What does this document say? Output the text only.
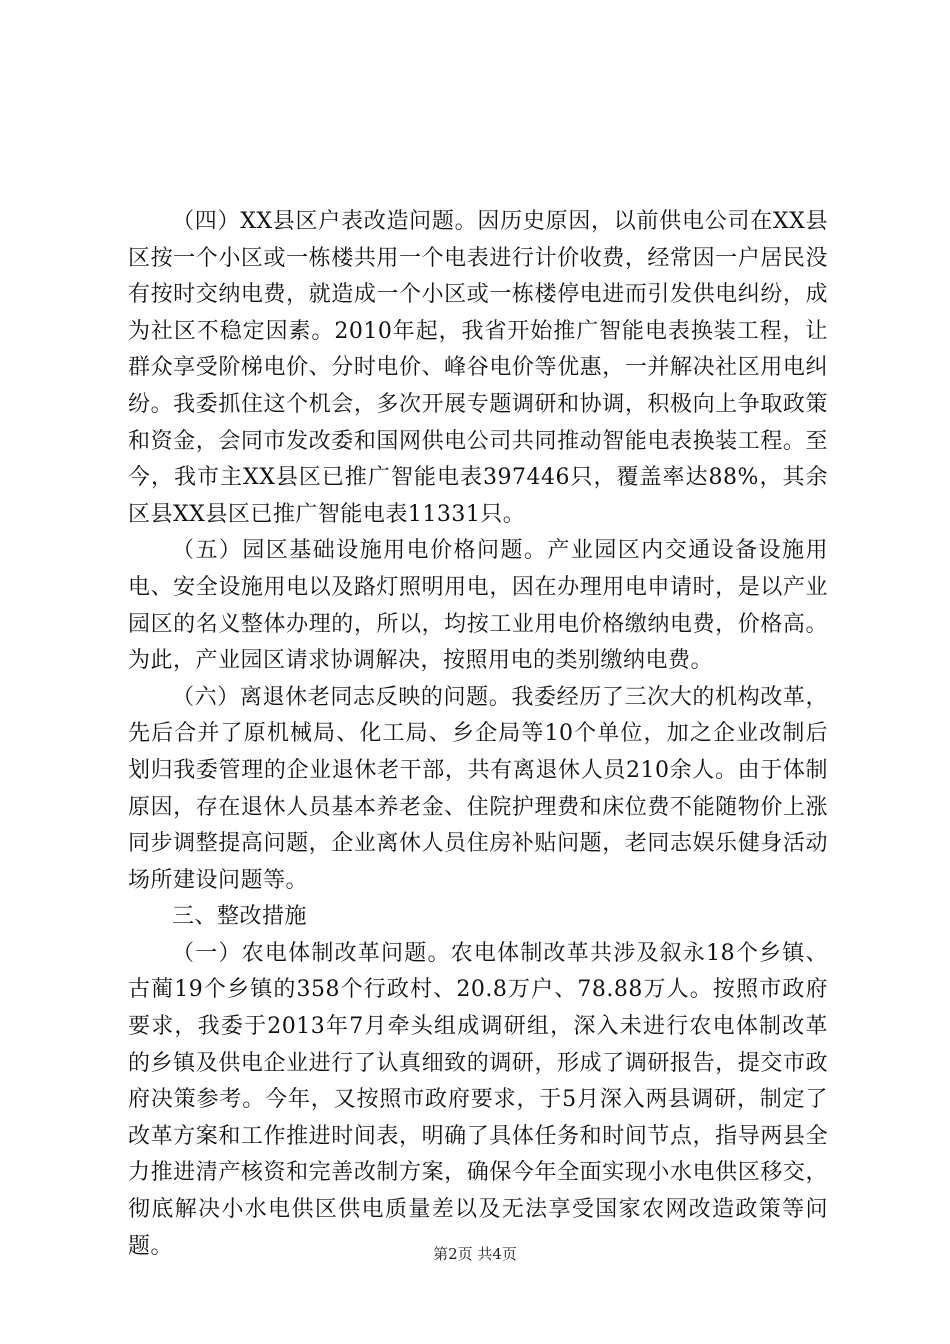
（四）XX县区户表改造问题。因历史原因，以前供电公司在XX县区按一个小区或一栋楼共用一个电表进行计价收费，经常因一户居民没有按时交纳电费，就造成一个小区或一栋楼停电进而引发供电纠纷，成为社区不稳定因素。2010年起，我省开始推广智能电表换装工程，让群众享受阶梯电价、分时电价、峰谷电价等优惠，一并解决社区用电纠纷。我委抓住这个机会，多次开展专题调研和协调，积极向上争取政策和资金，会同市发改委和国网供电公司共同推动智能电表换装工程。至今，我市主XX县区已推广智能电表397446只，覆盖率达88%，其余区县XX县区已推广智能电表11331只。

（五）园区基础设施用电价格问题。产业园区内交通设备设施用电、安全设施用电以及路灯照明用电，因在办理用电申请时，是以产业园区的名义整体办理的，所以，均按工业用电价格缴纳电费，价格高。为此，产业园区请求协调解决，按照用电的类别缴纳电费。

（六）离退休老同志反映的问题。我委经历了三次大的机构改革，先后合并了原机械局、化工局、乡企局等10个单位，加之企业改制后划归我委管理的企业退休老干部，共有离退休人员210余人。由于体制原因，存在退休人员基本养老金、住院护理费和床位费不能随物价上涨同步调整提高问题，企业离休人员住房补贴问题，老同志娱乐健身活动场所建设问题等。

三、整改措施

（一）农电体制改革问题。农电体制改革共涉及叙永18个乡镇、古蔺19个乡镇的358个行政村、20.8万户、78.88万人。按照市政府要求，我委于2013年7月牵头组成调研组，深入未进行农电体制改革的乡镇及供电企业进行了认真细致的调研，形成了调研报告，提交市政府决策参考。今年，又按照市政府要求，于5月深入两县调研，制定了改革方案和工作推进时间表，明确了具体任务和时间节点，指导两县全力推进清产核资和完善改制方案，确保今年全面实现小水电供区移交，彻底解决小水电供区供电质量差以及无法享受国家农网改造政策等问题。	第2页 共4页
